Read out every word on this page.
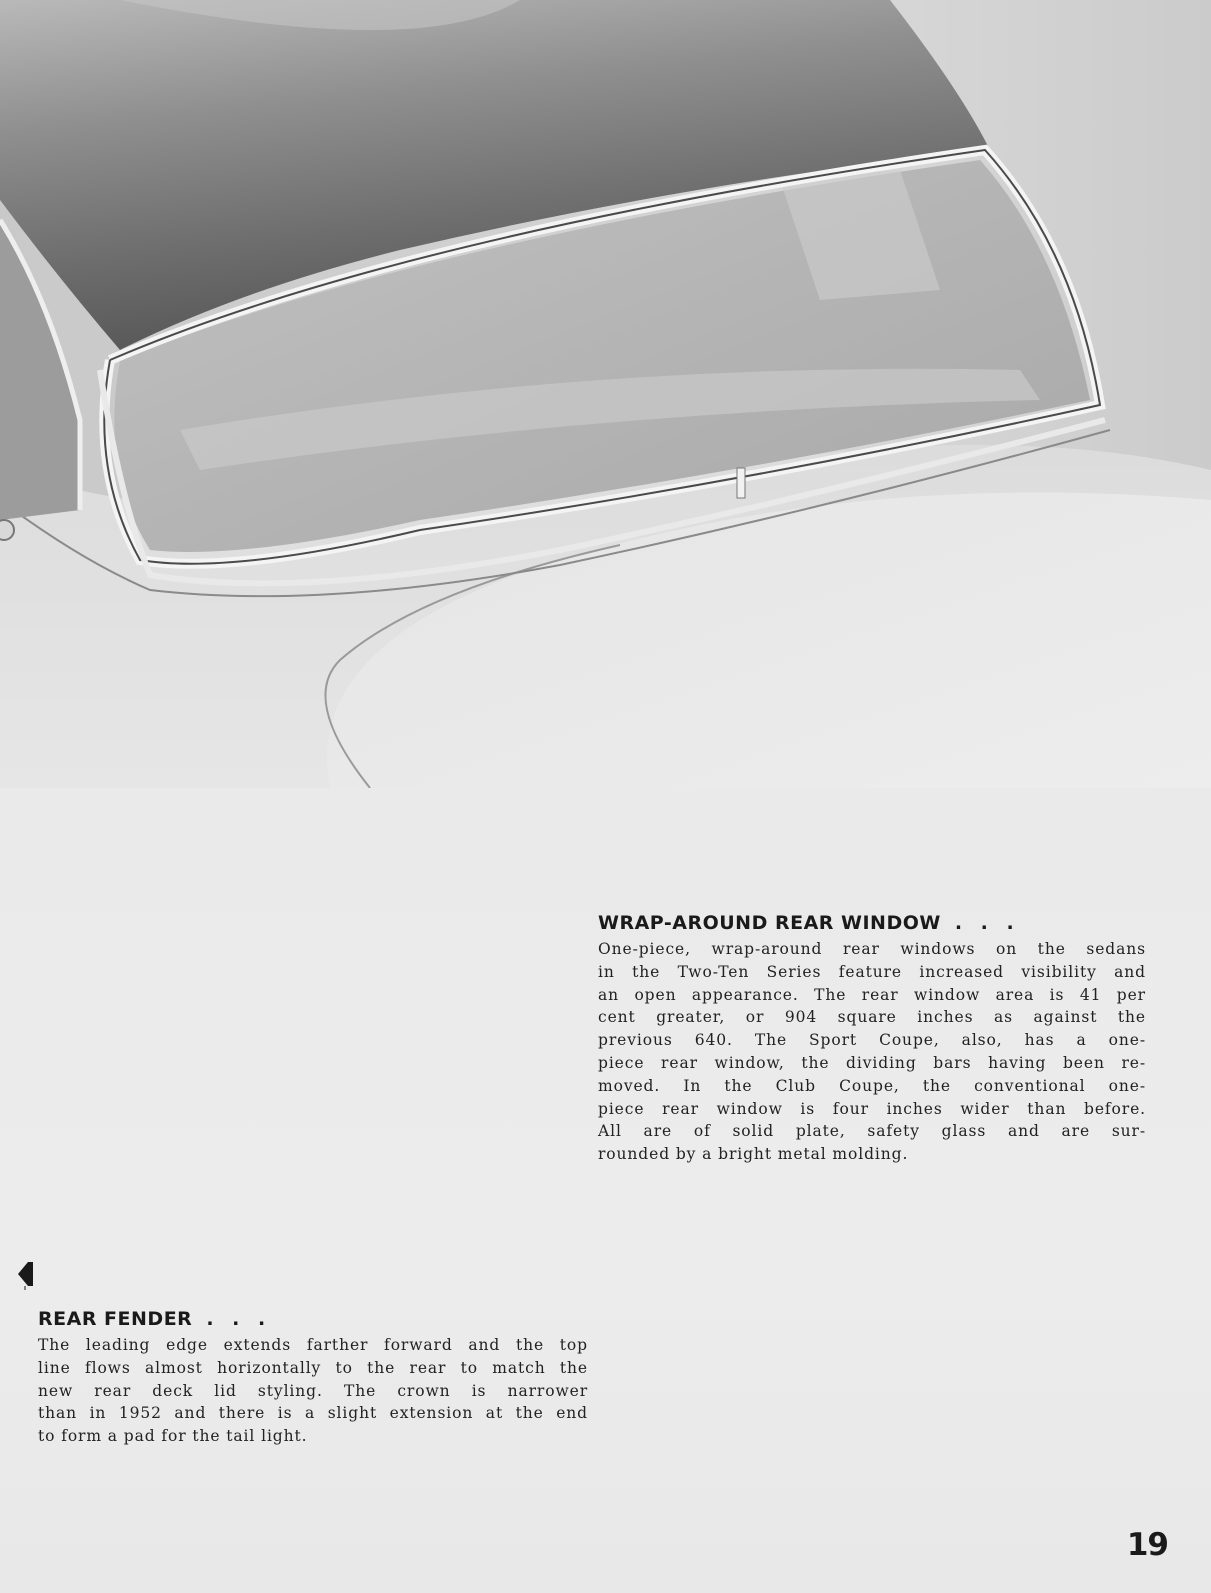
WRAP-AROUND REAR WINDOW . . .

One-piece, wrap-around rear windows on the sedans
in the Two-Ten Series feature increased visibility and
an open appearance. The rear window area is 41 per
cent greater, or 904 square inches as against the
previous 640. The Sport Coupe, also, has a one-
piece rear window, the dividing bars having been re-
moved. In the Club Coupe, the conventional one-
piece rear window is four inches wider than before.
All are of solid plate, safety glass and are sur-
rounded by a bright metal molding.

REAR FENDER . . .

The leading edge extends farther forward and the top
line flows almost horizontally to the rear to match the
new rear deck lid styling. The crown is narrower
than in 1952 and there is a slight extension at the end
to form a pad for the tail light.

19
